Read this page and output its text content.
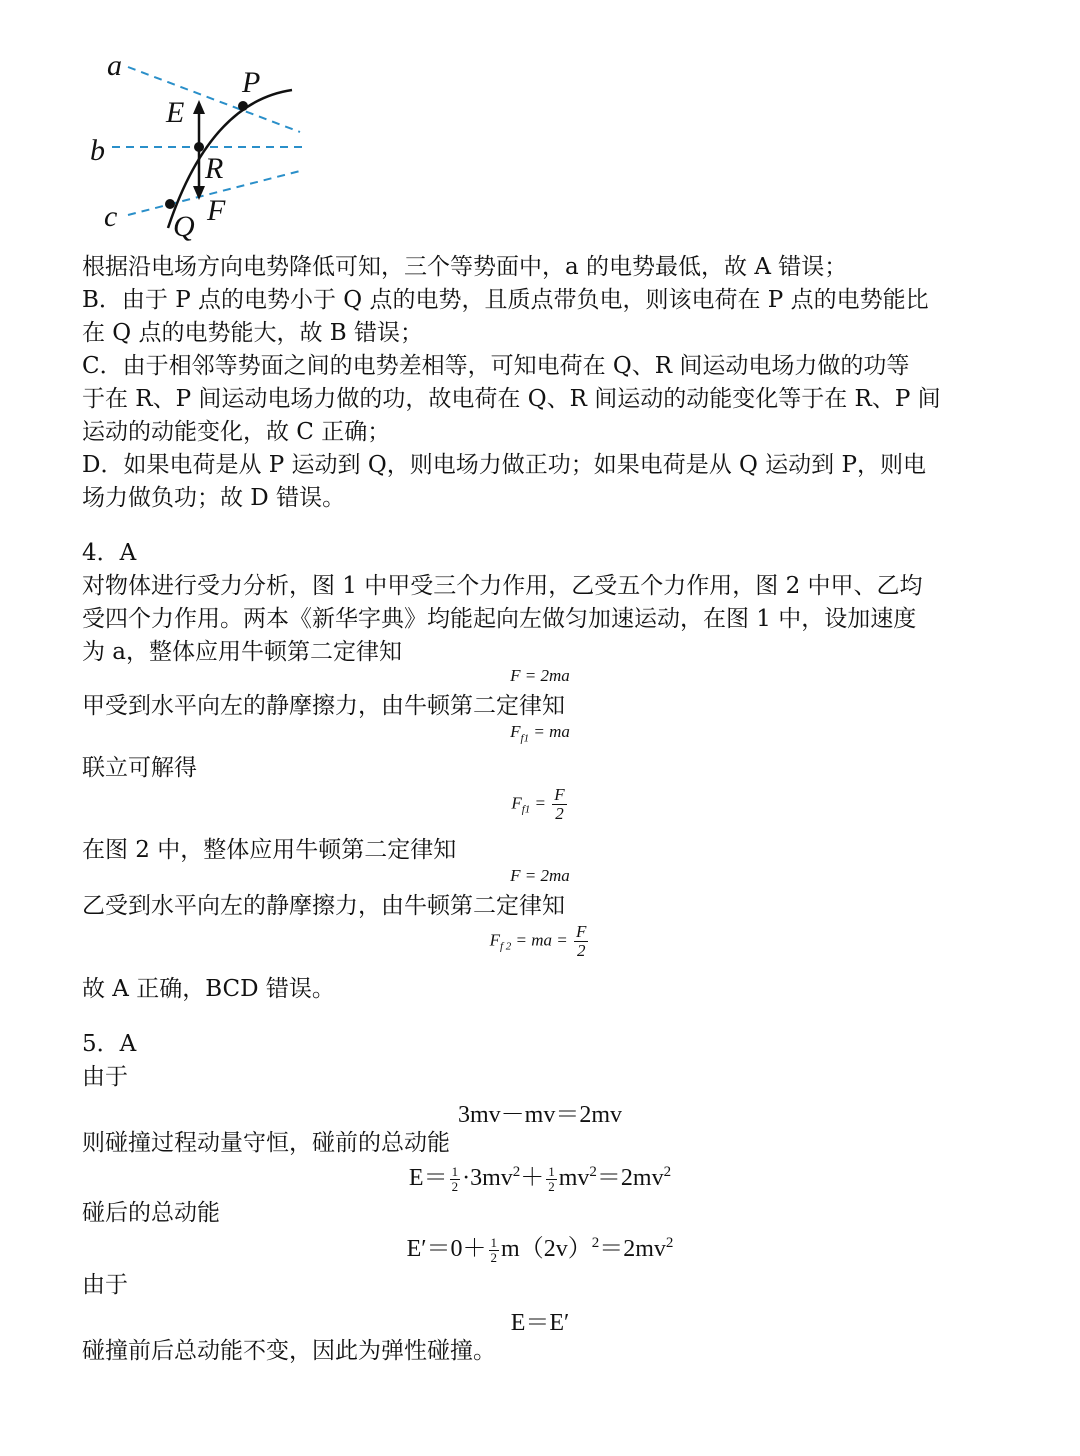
a
b
c
P
E
R
F
Q
根据沿电场方向电势降低可知，三个等势面中，a 的电势最低，故 A 错误；
B．由于 P 点的电势小于 Q 点的电势，且质点带负电，则该电荷在 P 点的电势能比
在 Q 点的电势能大，故 B 错误；
C．由于相邻等势面之间的电势差相等，可知电荷在 Q、R 间运动电场力做的功等
于在 R、P 间运动电场力做的功，故电荷在 Q、R 间运动的动能变化等于在 R、P 间
运动的动能变化，故 C 正确；
D．如果电荷是从 P 运动到 Q，则电场力做正功；如果电荷是从 Q 运动到 P，则电
场力做负功；故 D 错误。
4．A
对物体进行受力分析，图 1 中甲受三个力作用，乙受五个力作用，图 2 中甲、乙均
受四个力作用。两本《新华字典》均能起向左做匀加速运动，在图 1 中，设加速度
为 a，整体应用牛顿第二定律知
F = 2ma
甲受到水平向左的静摩擦力，由牛顿第二定律知
$F_{f1}$ = ma
联立可解得
$F_{f1} = \frac{F}{2}$
在图 2 中，整体应用牛顿第二定律知
F = 2ma
乙受到水平向左的静摩擦力，由牛顿第二定律知
$F_{f 2}$ = ma = $\frac{F}{2}$
故 A 正确，BCD 错误。
5．A
由于
3mv－mv＝2mv
则碰撞过程动量守恒，碰前的总动能
$E= \frac{1}{2} \cdot 3mv^2+ \frac{1}{2} mv^2=2mv^2$
碰后的总动能
$E'=0+ \frac{1}{2} m(2v)^2=2mv^2$
由于
E＝E′
碰撞前后总动能不变，因此为弹性碰撞。
